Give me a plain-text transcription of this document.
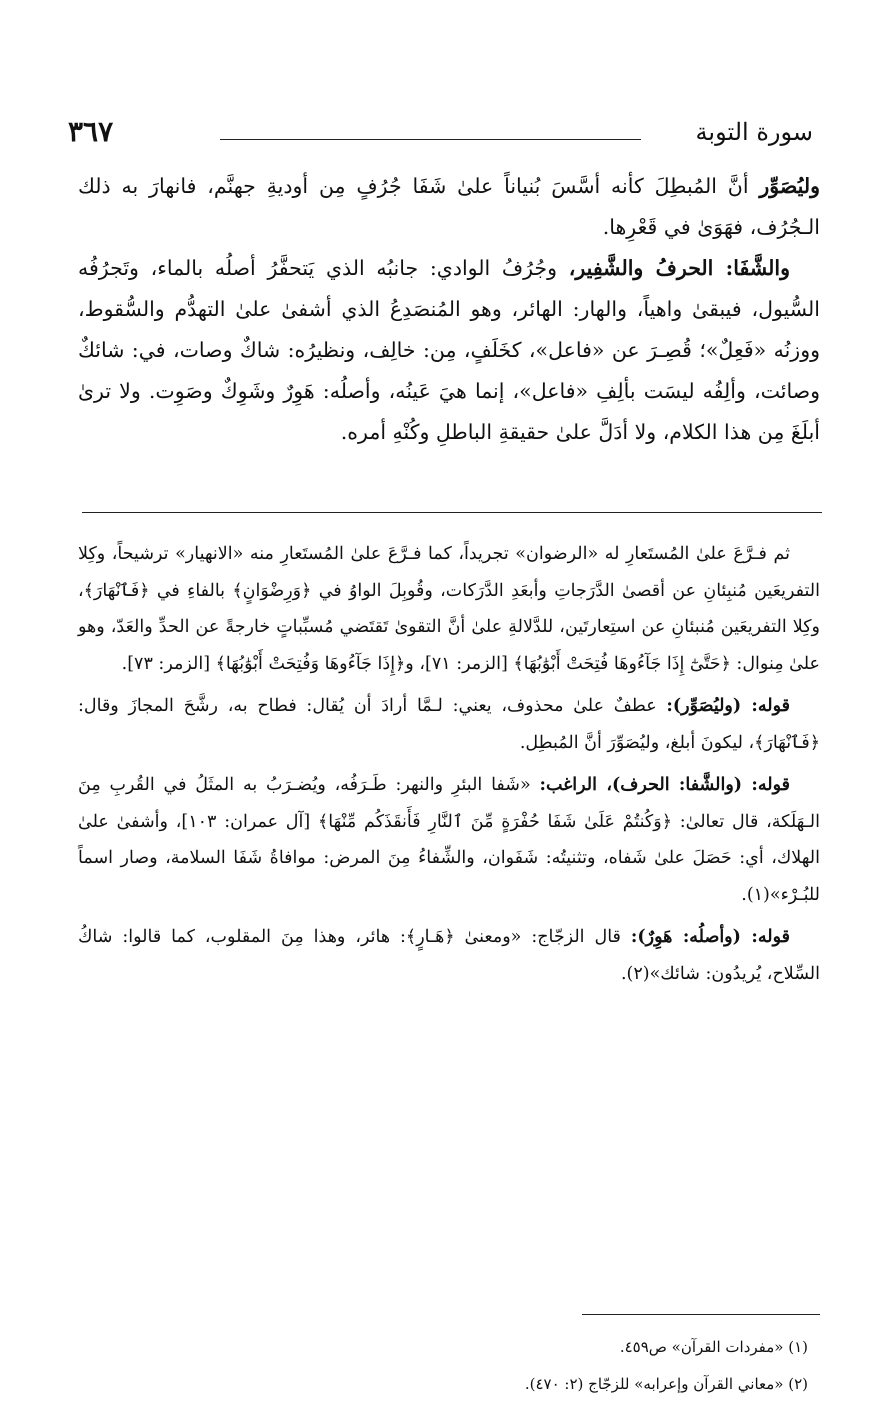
سورة التوبة
٣٦٧

وليُصَوِّر أنَّ المُبطِلَ كأنه أسَّسَ بُنياناً علىٰ شَفَا جُرُفٍ مِن أوديةِ جهنَّم، فانهارَ به ذلك الـجُرُف، فهَوَىٰ في قَعْرِها.

والشَّفَا: الحرفُ والشَّفِير، وجُرُفُ الوادي: جانبُه الذي يَتحفَّرُ أصلُه بالماء، وتَجرُفُه السُّيول، فيبقىٰ واهياً، والهار: الهائر، وهو المُنصَدِعُ الذي أشفىٰ علىٰ التهدُّم والسُّقوط، ووزنُه «فَعِلٌ»؛ قُصِـرَ عن «فاعل»، كخَلَفٍ، مِن: خالِف، ونظيرُه: شاكٌ وصات، في: شائكٌ وصائت، وألِفُه ليسَت بألِفِ «فاعل»، إنما هيَ عَينُه، وأصلُه: هَوِرٌ وشَوِكٌ وصَوِت. ولا ترىٰ أبلَغَ مِن هذا الكلام، ولا أدَلَّ علىٰ حقيقةِ الباطلِ وكُنْهِ أمره.

ثم فـرَّعَ علىٰ المُستَعارِ له «الرضوان» تجريداً، كما فـرَّعَ علىٰ المُستَعارِ منه «الانهيار» ترشيحاً، وكِلا التفريعَين مُنبِئانِ عن أقصىٰ الدَّرَجاتِ وأبعَدِ الدَّرَكات، وقُوبِلَ الواوُ في ﴿وَرِضْوَانٍ﴾ بالفاءِ في ﴿فَٱنْهَارَ﴾، وكِلا التفريعَين مُنبئانِ عن استِعارتَين، للدَّلالةِ علىٰ أنَّ التقوىٰ تَقتَضي مُسبِّباتٍ خارجةً عن الحدِّ والعَدّ، وهو علىٰ مِنوال: ﴿حَتَّىٰٓ إِذَا جَآءُوهَا فُتِحَتْ أَبْوَٰبُهَا﴾ [الزمر: ٧١]، و﴿إِذَا جَآءُوهَا وَفُتِحَتْ أَبْوَٰبُهَا﴾ [الزمر: ٧٣].

قوله: (وليُصَوِّر): عطفٌ علىٰ محذوف، يعني: لـمَّا أرادَ أن يُقال: فطاح به، رشَّحَ المجازَ وقال: ﴿فَٱنْهَارَ﴾، ليكونَ أبلغ، وليُصَوِّرَ أنَّ المُبطِل.

قوله: (والشَّفا: الحرف)، الراغب: «شَفا البئرِ والنهر: طَـرَفُه، ويُضـرَبُ به المثَلُ في القُربِ مِنَ الـهَلَكة، قال تعالىٰ: ﴿وَكُنتُمْ عَلَىٰ شَفَا حُفْرَةٍ مِّنَ ٱلنَّارِ فَأَنقَذَكُم مِّنْهَا﴾ [آل عمران: ١٠٣]، وأشفىٰ علىٰ الهلاك، أي: حَصَلَ علىٰ شَفاه، وتثنيتُه: شَفَوان، والشِّفاءُ مِنَ المرض: موافاةُ شَفَا السلامة، وصار اسماً للبُـرْء»(١).

قوله: (وأصلُه: هَوِرٌ): قال الزجّاج: «ومعنىٰ ﴿هَـارٍ﴾: هائر، وهذا مِنَ المقلوب، كما قالوا: شاكُ السِّلاح، يُريدُون: شائك»(٢).

(١) «مفردات القرآن» ص٤٥٩.

(٢) «معاني القرآن وإعرابه» للزجّاج (٢: ٤٧٠).
